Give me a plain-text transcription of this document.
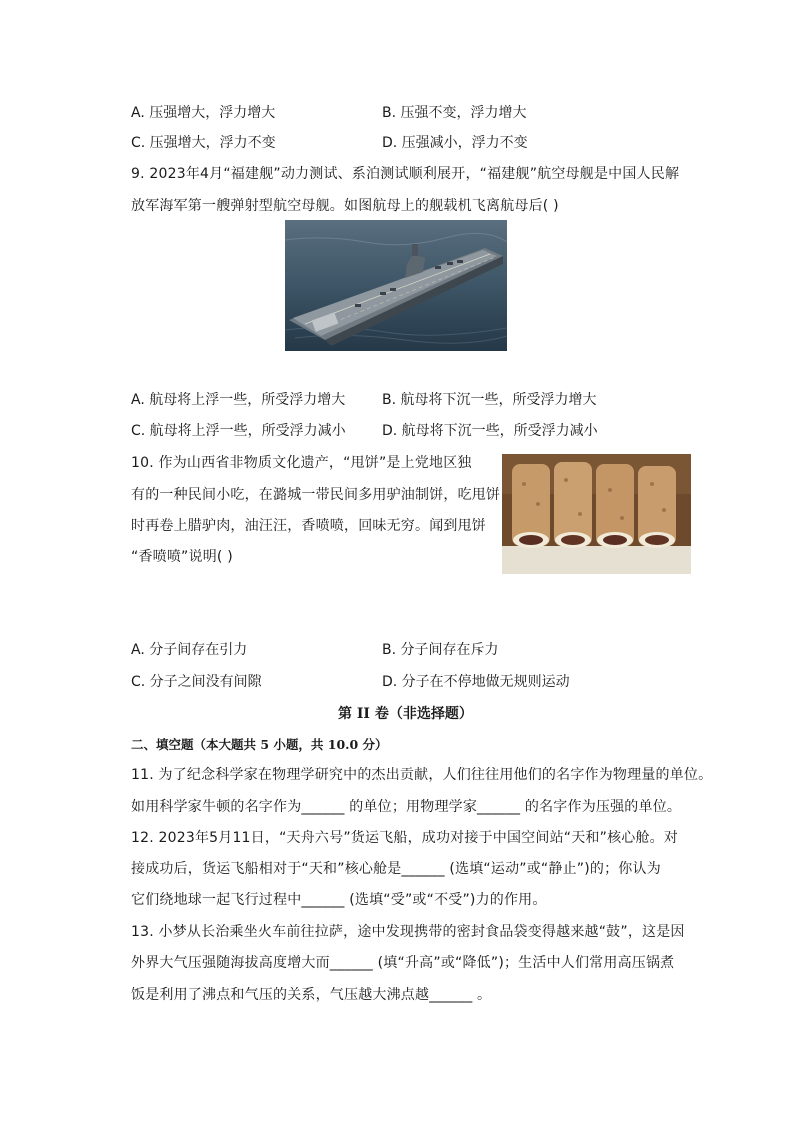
A. 压强增大，浮力增大	B. 压强不变，浮力增大
C. 压强增大，浮力不变	D. 压强减小，浮力不变
9. 2023年4月“福建舰”动力测试、系泊测试顺利展开，“福建舰”航空母舰是中国人民解
放军海军第一艘弹射型航空母舰。如图航母上的舰载机飞离航母后( )
A. 航母将上浮一些，所受浮力增大	B. 航母将下沉一些，所受浮力增大
C. 航母将上浮一些，所受浮力减小	D. 航母将下沉一些，所受浮力减小
10. 作为山西省非物质文化遗产，“甩饼”是上党地区独
有的一种民间小吃，在潞城一带民间多用驴油制饼，吃甩饼
时再卷上腊驴肉，油汪汪，香喷喷，回味无穷。闻到甩饼
“香喷喷”说明( )
A. 分子间存在引力	B. 分子间存在斥力
C. 分子之间没有间隙	D. 分子在不停地做无规则运动
第 II 卷（非选择题）
二、填空题（本大题共 5 小题，共 10.0 分）
11. 为了纪念科学家在物理学研究中的杰出贡献，人们往往用他们的名字作为物理量的单位。
如用科学家牛顿的名字作为______ 的单位；用物理学家______ 的名字作为压强的单位。
12. 2023年5月11日，“天舟六号”货运飞船，成功对接于中国空间站“天和”核心舱。对
接成功后，货运飞船相对于“天和”核心舱是______ (选填“运动”或“静止”)的；你认为
它们绕地球一起飞行过程中______ (选填“受”或“不受”)力的作用。
13. 小梦从长治乘坐火车前往拉萨，途中发现携带的密封食品袋变得越来越“鼓”，这是因
外界大气压强随海拔高度增大而______ (填“升高”或“降低”)；生活中人们常用高压锅煮
饭是利用了沸点和气压的关系，气压越大沸点越______ 。
